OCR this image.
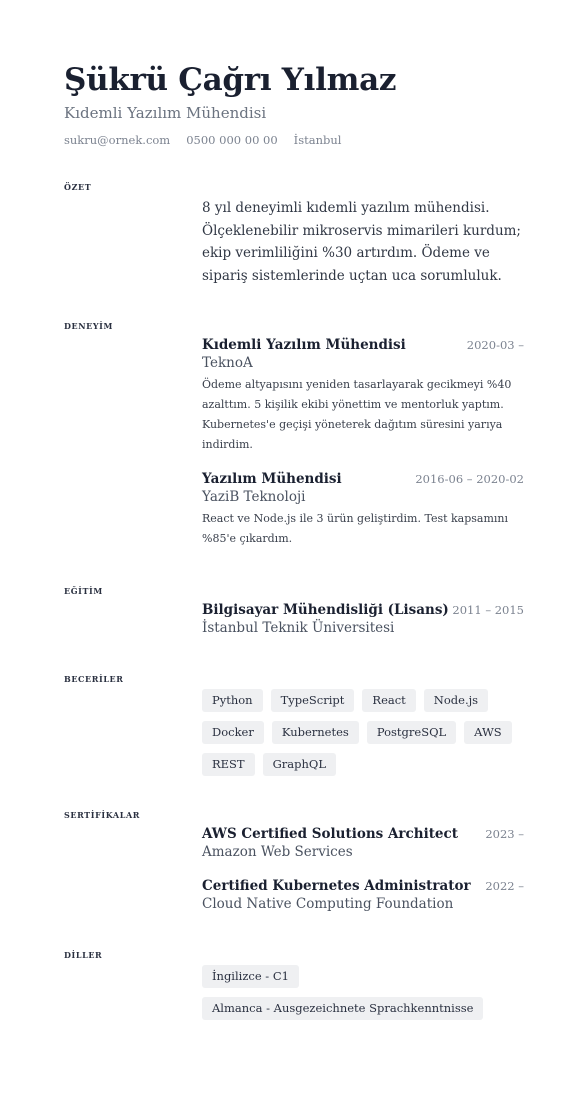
Şükrü Çağrı Yılmaz
Kıdemli Yazılım Mühendisi
sukru@ornek.com 0500 000 00 00 İstanbul
ÖZET
8 yıl deneyimli kıdemli yazılım mühendisi. Ölçeklenebilir mikroservis mimarileri kurdum; ekip verimliliğini %30 artırdım. Ödeme ve sipariş sistemlerinde uçtan uca sorumluluk.
DENEYİM
Kıdemli Yazılım Mühendisi	2020-03 –
TeknoA
Ödeme altyapısını yeniden tasarlayarak gecikmeyi %40 azalttım. 5 kişilik ekibi yönettim ve mentorluk yaptım. Kubernetes'e geçişi yöneterek dağıtım süresini yarıya indirdim.
Yazılım Mühendisi	2016-06 – 2020-02
YaziB Teknoloji
React ve Node.js ile 3 ürün geliştirdim. Test kapsamını %85'e çıkardım.
EĞİTİM
Bilgisayar Mühendisliği (Lisans) 2011 – 2015
İstanbul Teknik Üniversitesi
BECERİLER
Python	TypeScript	React	Node.js
Docker	Kubernetes	PostgreSQL	AWS
REST	GraphQL
SERTİFİKALAR
AWS Certified Solutions Architect 2023 –
Amazon Web Services
Certified Kubernetes Administrator 2022 –
Cloud Native Computing Foundation
DİLLER
İngilizce - C1
Almanca - Ausgezeichnete Sprachkenntnisse
